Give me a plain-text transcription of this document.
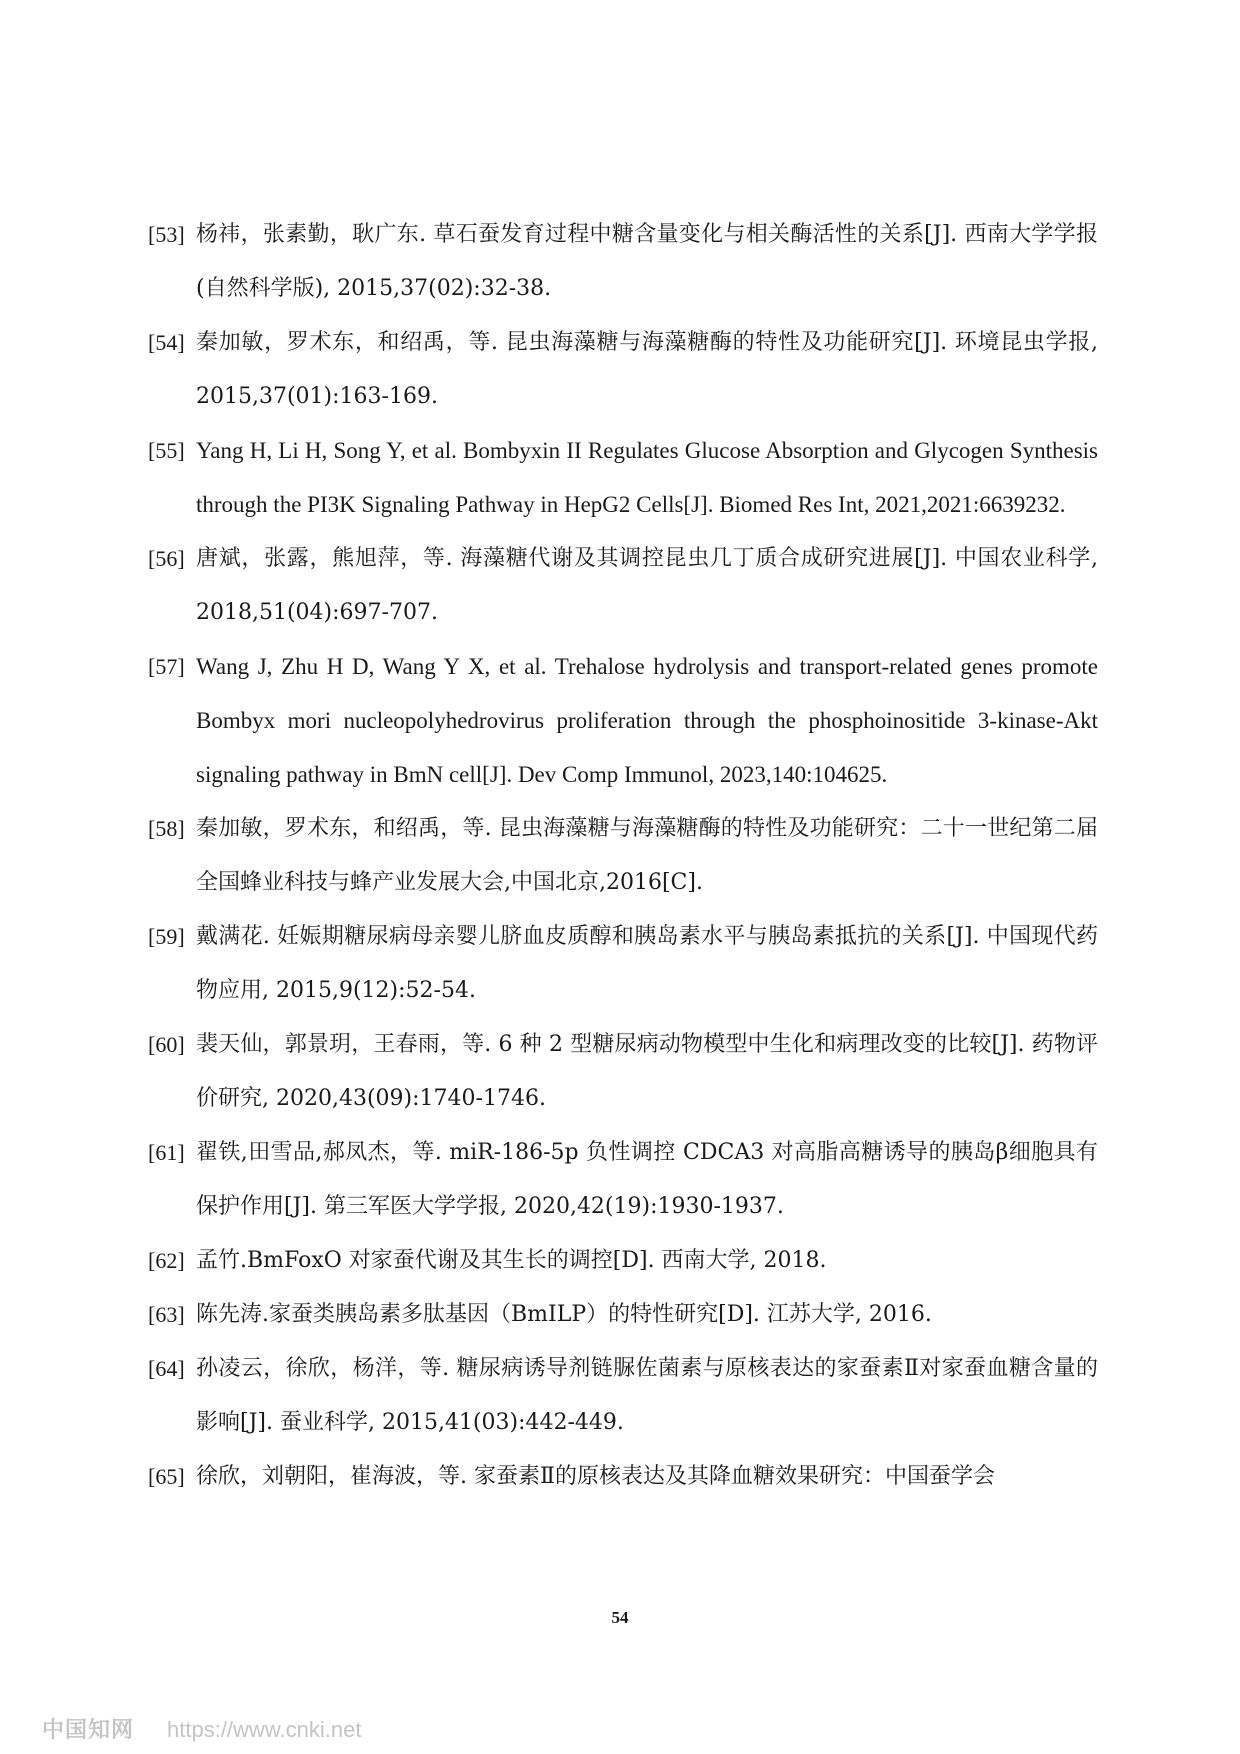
[53] 杨祎，张素勤，耿广东. 草石蚕发育过程中糖含量变化与相关酶活性的关系[J]. 西南大学学报(自然科学版), 2015,37(02):32-38.
[54] 秦加敏，罗术东，和绍禹，等. 昆虫海藻糖与海藻糖酶的特性及功能研究[J]. 环境昆虫学报, 2015,37(01):163-169.
[55] Yang H, Li H, Song Y, et al. Bombyxin II Regulates Glucose Absorption and Glycogen Synthesis through the PI3K Signaling Pathway in HepG2 Cells[J]. Biomed Res Int, 2021,2021:6639232.
[56] 唐斌，张露，熊旭萍，等. 海藻糖代谢及其调控昆虫几丁质合成研究进展[J]. 中国农业科学, 2018,51(04):697-707.
[57] Wang J, Zhu H D, Wang Y X, et al. Trehalose hydrolysis and transport-related genes promote Bombyx mori nucleopolyhedrovirus proliferation through the phosphoinositide 3-kinase-Akt signaling pathway in BmN cell[J]. Dev Comp Immunol, 2023,140:104625.
[58] 秦加敏，罗术东，和绍禹，等. 昆虫海藻糖与海藻糖酶的特性及功能研究：二十一世纪第二届全国蜂业科技与蜂产业发展大会,中国北京,2016[C].
[59] 戴满花. 妊娠期糖尿病母亲婴儿脐血皮质醇和胰岛素水平与胰岛素抵抗的关系[J]. 中国现代药物应用, 2015,9(12):52-54.
[60] 裴天仙，郭景玥，王春雨，等. 6 种 2 型糖尿病动物模型中生化和病理改变的比较[J]. 药物评价研究, 2020,43(09):1740-1746.
[61] 翟铁,田雪品,郝凤杰，等. miR-186-5p 负性调控 CDCA3 对高脂高糖诱导的胰岛β细胞具有保护作用[J]. 第三军医大学学报, 2020,42(19):1930-1937.
[62] 孟竹.BmFoxO 对家蚕代谢及其生长的调控[D]. 西南大学, 2018.
[63] 陈先涛.家蚕类胰岛素多肽基因（BmILP）的特性研究[D]. 江苏大学, 2016.
[64] 孙凌云，徐欣，杨洋，等. 糖尿病诱导剂链脲佐菌素与原核表达的家蚕素Ⅱ对家蚕血糖含量的影响[J]. 蚕业科学, 2015,41(03):442-449.
[65] 徐欣，刘朝阳，崔海波，等. 家蚕素Ⅱ的原核表达及其降血糖效果研究：中国蚕学会
54
中国知网 https://www.cnki.net
